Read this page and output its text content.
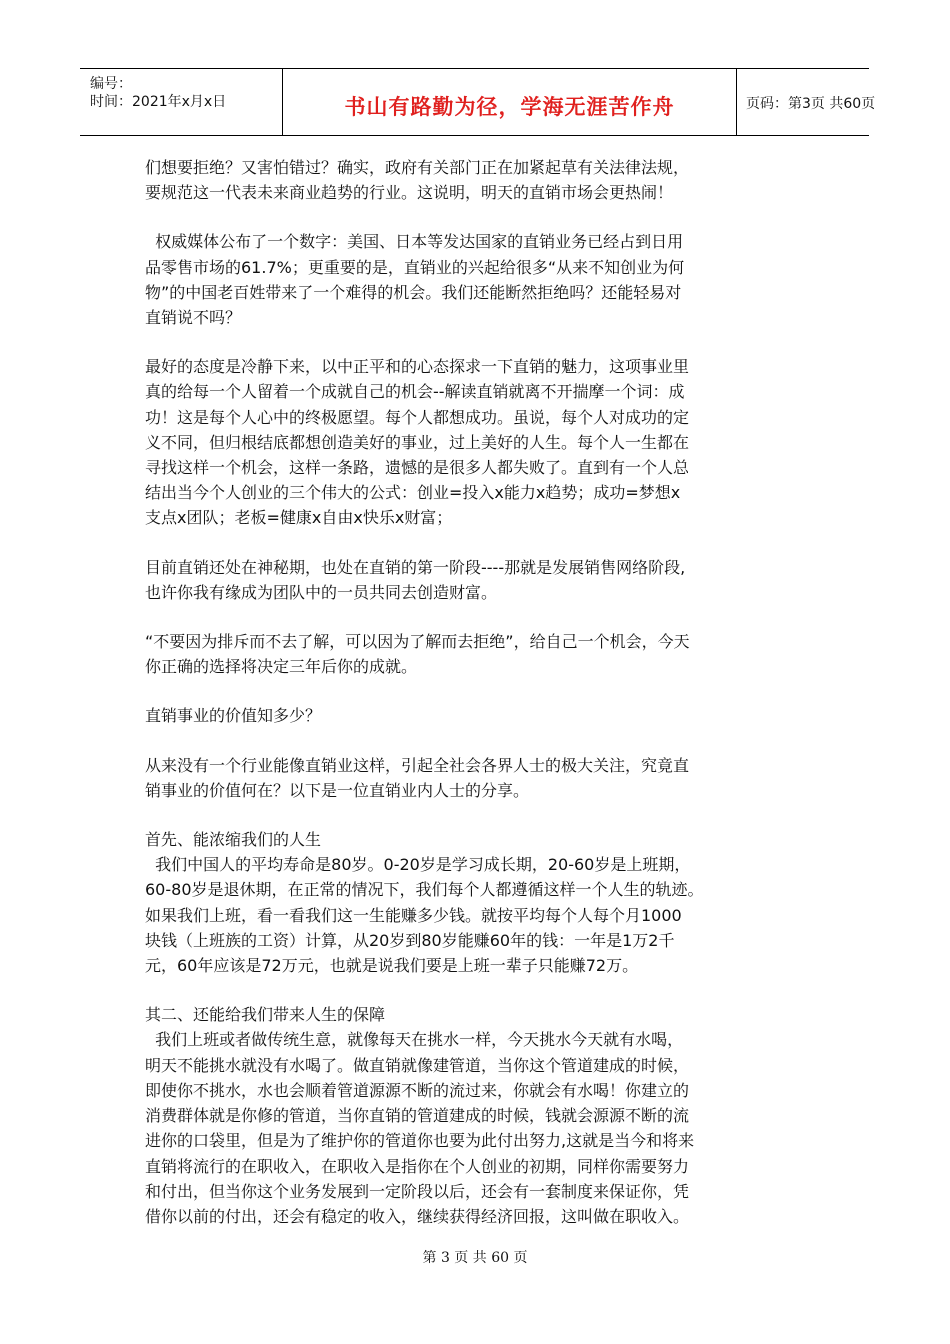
编号：
时间：2021年x月x日	书山有路勤为径，学海无涯苦作舟	页码：第3页 共60页
们想要拒绝？又害怕错过？确实，政府有关部门正在加紧起草有关法律法规，
要规范这一代表未来商业趋势的行业。这说明，明天的直销市场会更热闹！
权威媒体公布了一个数字：美国、日本等发达国家的直销业务已经占到日用
品零售市场的61.7%；更重要的是，直销业的兴起给很多“从来不知创业为何
物”的中国老百姓带来了一个难得的机会。我们还能断然拒绝吗？还能轻易对
直销说不吗？
最好的态度是冷静下来，以中正平和的心态探求一下直销的魅力，这项事业里
真的给每一个人留着一个成就自己的机会--解读直销就离不开揣摩一个词：成
功！这是每个人心中的终极愿望。每个人都想成功。虽说，每个人对成功的定
义不同，但归根结底都想创造美好的事业，过上美好的人生。每个人一生都在
寻找这样一个机会，这样一条路，遗憾的是很多人都失败了。直到有一个人总
结出当今个人创业的三个伟大的公式：创业=投入x能力x趋势；成功=梦想x
支点x团队；老板=健康x自由x快乐x财富；
目前直销还处在神秘期，也处在直销的第一阶段----那就是发展销售网络阶段,
也许你我有缘成为团队中的一员共同去创造财富。
“不要因为排斥而不去了解，可以因为了解而去拒绝”，给自己一个机会，今天
你正确的选择将决定三年后你的成就。
直销事业的价值知多少？
从来没有一个行业能像直销业这样，引起全社会各界人士的极大关注，究竟直
销事业的价值何在？以下是一位直销业内人士的分享。
首先、能浓缩我们的人生
我们中国人的平均寿命是80岁。0-20岁是学习成长期，20-60岁是上班期，
60-80岁是退休期，在正常的情况下，我们每个人都遵循这样一个人生的轨迹。
如果我们上班，看一看我们这一生能赚多少钱。就按平均每个人每个月1000
块钱（上班族的工资）计算，从20岁到80岁能赚60年的钱：一年是1万2千
元，60年应该是72万元，也就是说我们要是上班一辈子只能赚72万。
其二、还能给我们带来人生的保障
我们上班或者做传统生意，就像每天在挑水一样，今天挑水今天就有水喝，
明天不能挑水就没有水喝了。做直销就像建管道，当你这个管道建成的时候，
即使你不挑水，水也会顺着管道源源不断的流过来，你就会有水喝！你建立的
消费群体就是你修的管道，当你直销的管道建成的时候，钱就会源源不断的流
进你的口袋里，但是为了维护你的管道你也要为此付出努力,这就是当今和将来
直销将流行的在职收入，在职收入是指你在个人创业的初期，同样你需要努力
和付出，但当你这个业务发展到一定阶段以后，还会有一套制度来保证你，凭
借你以前的付出，还会有稳定的收入，继续获得经济回报，这叫做在职收入。
第 3 页 共 60 页
